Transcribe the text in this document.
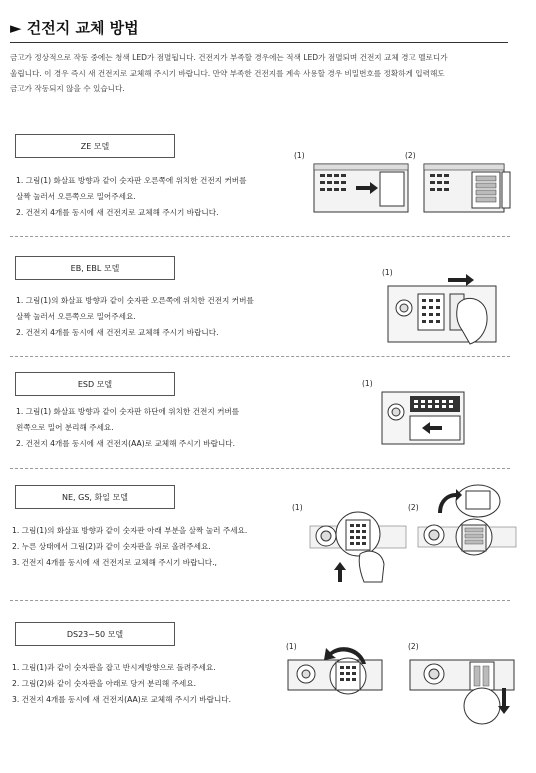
► 건전지 교체 방법
금고가 정상적으로 작동 중에는 청색 LED가 점멸됩니다. 건전지가 부족할 경우에는 적색 LED가 점멸되며 건전지 교체 경고 멜로디가
울립니다. 이 경우 즉시 새 건전지로 교체해 주시기 바랍니다. 만약 부족한 건전지를 계속 사용할 경우 비밀번호를 정확하게 입력해도
금고가 작동되지 않을 수 있습니다.
ZE 모델
1. 그림(1) 화살표 방향과 같이 숫자판 오른쪽에 위치한 건전지 커버를
살짝 눌러서 오른쪽으로 밀어주세요.
2. 건전지 4개를 동시에 새 건전지로 교체해 주시기 바랍니다.
(1)	(2)
EB, EBL 모델
1. 그림(1)의 화살표 방향과 같이 숫자판 오른쪽에 위치한 건전지 커버를
살짝 눌러서 오른쪽으로 밀어주세요.
2. 건전지 4개를 동시에 새 건전지로 교체해 주시기 바랍니다.
(1)
ESD 모델
1. 그림(1) 화살표 방향과 같이 숫자판 하단에 위치한 건전지 커버를
왼쪽으로 밀어 분리해 주세요.
2. 건전지 4개를 동시에 새 건전지(AA)로 교체해 주시기 바랍니다.
(1)
NE, GS, 화일 모델
1. 그림(1)의 화살표 방향과 같이 숫자판 아래 부분을 살짝 눌러 주세요.
2. 누른 상태에서 그림(2)과 같이 숫자판을 위로 올려주세요.
3. 건전지 4개를 동시에 새 건전지로 교체해 주시기 바랍니다.,
(1)	(2)
DS23~50 모델
1. 그림(1)과 같이 숫자판을 잡고 반시계방향으로 돌려주세요.
2. 그림(2)와 같이 숫자판을 아래로 당겨 분리해 주세요.
3. 건전지 4개를 동시에 새 건전지(AA)로 교체해 주시기 바랍니다.
(1)	(2)
